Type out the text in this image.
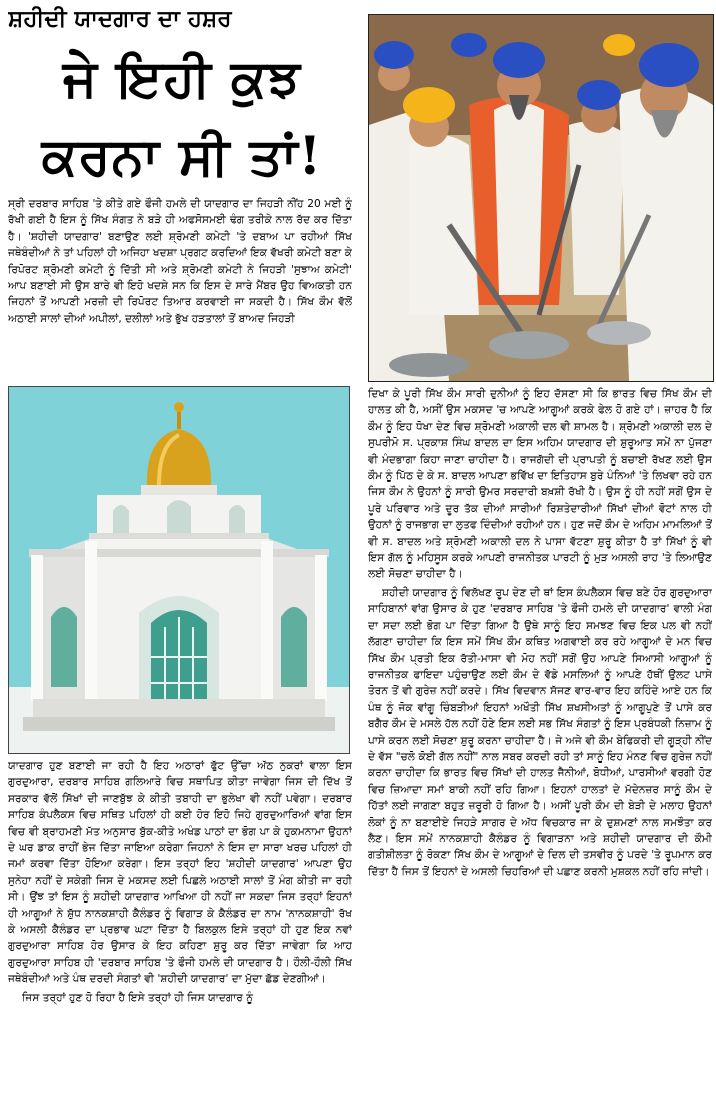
ਸ਼ਹੀਦੀ ਯਾਦਗਾਰ ਦਾ ਹਸ਼ਰ
ਜੇ ਇਹੀ ਕੁਝ
ਕਰਨਾ ਸੀ ਤਾਂ!

ਸ੍ਰੀ ਦਰਬਾਰ ਸਾਹਿਬ 'ਤੇ ਕੀਤੇ ਗਏ ਫੌਜੀ ਹਮਲੇ ਦੀ ਯਾਦਗਾਰ ਦਾ ਜਿਹੜੀ ਨੀਂਹ 20 ਮਈ ਨੂੰ ਰੱਖੀ ਗਈ ਹੈ ਇਸ ਨੂੰ ਸਿੱਖ ਸੰਗਤ ਨੇ ਬੜੇ ਹੀ ਅਫਸੋਸਮਈ ਢੰਗ ਤਰੀਕੇ ਨਾਲ ਰੱਦ ਕਰ ਦਿੱਤਾ ਹੈ। 'ਸ਼ਹੀਦੀ ਯਾਦਗਾਰ' ਬਣਾਉਣ ਲਈ ਸ਼੍ਰੋਮਣੀ ਕਮੇਟੀ 'ਤੇ ਦਬਾਅ ਪਾ ਰਹੀਆਂ ਸਿੱਖ ਜਥੇਬੰਦੀਆਂ ਨੇ ਤਾਂ ਪਹਿਲਾਂ ਹੀ ਅਜਿਹਾ ਖਦਸ਼ਾ ਪ੍ਰਗਟ ਕਰਦਿਆਂ ਇਕ ਵੱਖਰੀ ਕਮੇਟੀ ਬਣਾ ਕੇ ਰਿਪੋਰਟ ਸ਼੍ਰੋਮਣੀ ਕਮੇਟੀ ਨੂੰ ਦਿੱਤੀ ਸੀ ਅਤੇ ਸ਼੍ਰੋਮਣੀ ਕਮੇਟੀ ਨੇ ਜਿਹੜੀ 'ਸੁਝਾਅ ਕਮੇਟੀ' ਆਪ ਬਣਾਈ ਸੀ ਉਸ ਬਾਰੇ ਵੀ ਇਹੋ ਖਦਸ਼ੇ ਸਨ ਕਿ ਇਸ ਦੇ ਸਾਰੇ ਮੈਂਬਰ ਉਹ ਵਿਅਕਤੀ ਹਨ ਜਿਹਨਾਂ ਤੋਂ ਆਪਣੀ ਮਰਜ਼ੀ ਦੀ ਰਿਪੋਰਟ ਤਿਆਰ ਕਰਵਾਈ ਜਾ ਸਕਦੀ ਹੈ। ਸਿੱਖ ਕੌਮ ਵੱਲੋਂ ਅਠਾਈ ਸਾਲਾਂ ਦੀਆਂ ਅਪੀਲਾਂ, ਦਲੀਲਾਂ ਅਤੇ ਭੁੱਖ ਹੜਤਾਲਾਂ ਤੋਂ ਬਾਅਦ ਜਿਹੜੀ

ਯਾਦਗਾਰ ਹੁਣ ਬਣਾਈ ਜਾ ਰਹੀ ਹੈ ਇਹ ਅਠਾਰਾਂ ਫੁੱਟ ਉੱਚਾ ਅੱਠ ਨੁਕਰਾਂ ਵਾਲਾ ਇਸ ਗੁਰਦੁਆਰਾ, ਦਰਬਾਰ ਸਾਹਿਬ ਗਲਿਆਰੇ ਵਿਚ ਸਥਾਪਿਤ ਕੀਤਾ ਜਾਵੇਗਾ ਜਿਸ ਦੀ ਦਿੱਖ ਤੋਂ ਸਰਕਾਰ ਵੱਲੋਂ ਸਿੱਖਾਂ ਦੀ ਜਾਣਬੁੱਝ ਕੇ ਕੀਤੀ ਤਬਾਹੀ ਦਾ ਭੁਲੇਖਾ ਵੀ ਨਹੀਂ ਪਵੇਗਾ। ਦਰਬਾਰ ਸਾਹਿਬ ਕੰਪਲੈਕਸ ਵਿਚ ਸਥਿਤ ਪਹਿਲਾਂ ਹੀ ਕਈ ਹੋਰ ਇਹੋ ਜਿਹੇ ਗੁਰਦੁਆਰਿਆਂ ਵਾਂਗ ਇਸ ਵਿਚ ਵੀ ਬ੍ਰਾਹਮਣੀ ਮੱਤ ਅਨੁਸਾਰ ਬੁੱਕ-ਕੀਤੇ ਅਖੰਡ ਪਾਠਾਂ ਦਾ ਭੋਗ ਪਾ ਕੇ ਹੁਕਮਨਾਮਾ ਉਹਨਾਂ ਦੇ ਘਰ ਡਾਕ ਰਾਹੀਂ ਭੇਜ ਦਿੱਤਾ ਜਾਇਆ ਕਰੇਗਾ ਜਿਹਨਾਂ ਨੇ ਇਸ ਦਾ ਸਾਰਾ ਖਰਚ ਪਹਿਲਾਂ ਹੀ ਜਮਾਂ ਕਰਵਾ ਦਿੱਤਾ ਹੋਇਆ ਕਰੇਗਾ। ਇਸ ਤਰ੍ਹਾਂ ਇਹ 'ਸ਼ਹੀਦੀ ਯਾਦਗਾਰ' ਆਪਣਾ ਉਹ ਸੁਨੇਹਾ ਨਹੀਂ ਦੇ ਸਕੇਗੀ ਜਿਸ ਦੇ ਮਕਸਦ ਲਈ ਪਿਛਲੇ ਅਠਾਈ ਸਾਲਾਂ ਤੋਂ ਮੰਗ ਕੀਤੀ ਜਾ ਰਹੀ ਸੀ। ਉਂਝ ਤਾਂ ਇਸ ਨੂੰ ਸ਼ਹੀਦੀ ਯਾਦਗਾਰ ਆਖਿਆ ਹੀ ਨਹੀਂ ਜਾ ਸਕਦਾ ਜਿਸ ਤਰ੍ਹਾਂ ਇਹਨਾਂ ਹੀ ਆਗੂਆਂ ਨੇ ਸ਼ੁੱਧ ਨਾਨਕਸ਼ਾਹੀ ਕੈਲੰਡਰ ਨੂੰ ਵਿਗਾੜ ਕੇ ਕੈਲੰਡਰ ਦਾ ਨਾਮ 'ਨਾਨਕਸ਼ਾਹੀ' ਰੱਖ ਕੇ ਅਸਲੀ ਕੈਲੰਡਰ ਦਾ ਪ੍ਰਭਾਵ ਘਟਾ ਦਿੱਤਾ ਹੈ ਬਿਲਕੁਲ ਇਸੇ ਤਰ੍ਹਾਂ ਹੀ ਹੁਣ ਇਕ ਨਵਾਂ ਗੁਰਦੁਆਰਾ ਸਾਹਿਬ ਹੋਰ ਉਸਾਰ ਕੇ ਇਹ ਕਹਿਣਾ ਸ਼ੁਰੂ ਕਰ ਦਿੱਤਾ ਜਾਵੇਗਾ ਕਿ ਆਹ ਗੁਰਦੁਆਰਾ ਸਾਹਿਬ ਹੀ 'ਦਰਬਾਰ ਸਾਹਿਬ 'ਤੇ ਫੌਜੀ ਹਮਲੇ ਦੀ ਯਾਦਗਾਰ ਹੈ। ਹੌਲੀ-ਹੌਲੀ ਸਿੱਖ ਜਥੇਬੰਦੀਆਂ ਅਤੇ ਪੰਥ ਦਰਦੀ ਸੰਗਤਾਂ ਵੀ 'ਸ਼ਹੀਦੀ ਯਾਦਗਾਰ' ਦਾ ਮੁੱਦਾ ਛੱਡ ਦੇਣਗੀਆਂ।

ਜਿਸ ਤਰ੍ਹਾਂ ਹੁਣ ਹੋ ਰਿਹਾ ਹੈ ਇਸੇ ਤਰ੍ਹਾਂ ਹੀ ਜਿਸ ਯਾਦਗਾਰ ਨੂੰ

ਦਿਖਾ ਕੇ ਪੂਰੀ ਸਿੱਖ ਕੌਮ ਸਾਰੀ ਦੁਨੀਆਂ ਨੂੰ ਇਹ ਦੱਸਣਾ ਸੀ ਕਿ ਭਾਰਤ ਵਿਚ ਸਿੱਖ ਕੌਮ ਦੀ ਹਾਲਤ ਕੀ ਹੈ, ਅਸੀਂ ਉਸ ਮਕਸਦ 'ਚ ਆਪਣੇ ਆਗੂਆਂ ਕਰਕੇ ਫੇਲ ਹੋ ਗਏ ਹਾਂ। ਜ਼ਾਹਰ ਹੈ ਕਿ ਕੌਮ ਨੂੰ ਇਹ ਧੋਖਾ ਦੇਣ ਵਿਚ ਸ਼੍ਰੋਮਣੀ ਅਕਾਲੀ ਦਲ ਵੀ ਸ਼ਾਮਲ ਹੈ। ਸ਼੍ਰੋਮਣੀ ਅਕਾਲੀ ਦਲ ਦੇ ਸੁਪਰੀਮੋ ਸ. ਪ੍ਰਕਾਸ਼ ਸਿੰਘ ਬਾਦਲ ਦਾ ਇਸ ਅਹਿਮ ਯਾਦਗਾਰ ਦੀ ਸ਼ੁਰੂਆਤ ਸਮੇਂ ਨਾ ਪੁੱਜਣਾ ਵੀ ਮੰਦਭਾਗਾ ਕਿਹਾ ਜਾਣਾ ਚਾਹੀਦਾ ਹੈ। ਰਾਜਗੱਦੀ ਦੀ ਪ੍ਰਾਪਤੀ ਨੂੰ ਬਚਾਈ ਰੱਖਣ ਲਈ ਉਸ ਕੌਮ ਨੂੰ ਪਿੱਠ ਦੇ ਕੇ ਸ. ਬਾਦਲ ਆਪਣਾ ਭਵਿੱਖ ਦਾ ਇਤਿਹਾਸ ਬੁਰੇ ਪੰਨਿਆਂ 'ਤੇ ਲਿਖਵਾ ਰਹੇ ਹਨ ਜਿਸ ਕੌਮ ਨੇ ਉਹਨਾਂ ਨੂੰ ਸਾਰੀ ਉਮਰ ਸਰਦਾਰੀ ਬਖ਼ਸ਼ੀ ਰੱਖੀ ਹੈ। ਉਸ ਨੂੰ ਹੀ ਨਹੀਂ ਸਗੋਂ ਉਸ ਦੇ ਪੂਰੇ ਪਰਿਵਾਰ ਅਤੇ ਦੂਰ ਤੱਕ ਦੀਆਂ ਸਾਰੀਆਂ ਰਿਸ਼ਤੇਦਾਰੀਆਂ ਸਿੱਖਾਂ ਦੀਆਂ ਵੋਟਾਂ ਨਾਲ ਹੀ ਉਹਨਾਂ ਨੂੰ ਰਾਜਭਾਗ ਦਾ ਲੁਤਫ ਦਿੰਦੀਆਂ ਰਹੀਆਂ ਹਨ। ਹੁਣ ਜਦੋਂ ਕੌਮ ਦੇ ਅਹਿਮ ਮਾਮਲਿਆਂ ਤੋਂ ਵੀ ਸ. ਬਾਦਲ ਅਤੇ ਸ਼੍ਰੋਮਣੀ ਅਕਾਲੀ ਦਲ ਨੇ ਪਾਸਾ ਵੱਟਣਾ ਸ਼ੁਰੂ ਕੀਤਾ ਹੈ ਤਾਂ ਸਿੱਖਾਂ ਨੂੰ ਵੀ ਇਸ ਗੱਲ ਨੂੰ ਮਹਿਸੂਸ ਕਰਕੇ ਆਪਣੀ ਰਾਜਨੀਤਕ ਪਾਰਟੀ ਨੂੰ ਮੁੜ ਅਸਲੀ ਰਾਹ 'ਤੇ ਲਿਆਉਣ ਲਈ ਸੋਚਣਾ ਚਾਹੀਦਾ ਹੈ।

ਸ਼ਹੀਦੀ ਯਾਦਗਾਰ ਨੂੰ ਵਿਲੱਖਣ ਰੂਪ ਦੇਣ ਦੀ ਥਾਂ ਇਸ ਕੰਪਲੈਕਸ ਵਿਚ ਬਣੇ ਹੋਰ ਗੁਰਦੁਆਰਾ ਸਾਹਿਬਾਨਾਂ ਵਾਂਗ ਉਸਾਰ ਕੇ ਹੁਣ 'ਦਰਬਾਰ ਸਾਹਿਬ 'ਤੇ ਫੌਜੀ ਹਮਲੇ ਦੀ ਯਾਦਗਾਰ' ਵਾਲੀ ਮੰਗ ਦਾ ਸਦਾ ਲਈ ਭੋਗ ਪਾ ਦਿੱਤਾ ਗਿਆ ਹੈ ਉਥੇ ਸਾਨੂੰ ਇਹ ਸਮਝਣ ਵਿਚ ਇਕ ਪਲ ਵੀ ਨਹੀਂ ਲੱਗਣਾ ਚਾਹੀਦਾ ਕਿ ਇਸ ਸਮੇਂ ਸਿੱਖ ਕੌਮ ਕਥਿਤ ਅਗਵਾਈ ਕਰ ਰਹੇ ਆਗੂਆਂ ਦੇ ਮਨ ਵਿਚ ਸਿੱਖ ਕੌਮ ਪ੍ਰਤੀ ਇਕ ਰੱਤੀ-ਮਾਸਾ ਵੀ ਮੋਹ ਨਹੀਂ ਸਗੋਂ ਉਹ ਆਪਣੇ ਸਿਆਸੀ ਆਗੂਆਂ ਨੂੰ ਰਾਜਨੀਤਕ ਫਾਇਦਾ ਪਹੁੰਚਾਉਣ ਲਈ ਕੌਮ ਦੇ ਵੱਡੇ ਮਸਲਿਆਂ ਨੂੰ ਆਪਣੇ ਹੱਥੀਂ ਉਲਟ ਪਾਸੇ ਤੋਰਨ ਤੋਂ ਵੀ ਗੁਰੇਜ਼ ਨਹੀਂ ਕਰਦੇ। ਸਿੱਖ ਵਿਦਵਾਨ ਸੱਜਣ ਵਾਰ-ਵਾਰ ਇਹ ਕਹਿੰਦੇ ਆਏ ਹਨ ਕਿ ਪੰਥ ਨੂੰ ਜੋਕ ਵਾਂਗੂ ਚਿੰਬੜੀਆਂ ਇਹਨਾਂ ਅਖੌਤੀ ਸਿੱਖ ਸ਼ਖਸੀਅਤਾਂ ਨੂੰ ਆਗੂਪੁਣੇ ਤੋਂ ਪਾਸੇ ਕਰ ਬਗੈਰ ਕੌਮ ਦੇ ਮਸਲੇ ਹੱਲ ਨਹੀਂ ਹੋਣੇ ਇਸ ਲਈ ਸਭ ਸਿੱਖ ਸੰਗਤਾਂ ਨੂੰ ਇਸ ਪ੍ਰਬੰਧਕੀ ਨਿਜ਼ਾਮ ਨੂੰ ਪਾਸੇ ਕਰਨ ਲਈ ਸੋਚਣਾ ਸ਼ੁਰੂ ਕਰਨਾ ਚਾਹੀਦਾ ਹੈ। ਜੇ ਅਜੇ ਵੀ ਕੌਮ ਬੇਫਿਕਰੀ ਦੀ ਗੂੜ੍ਹੀ ਨੀਂਦ ਦੇ ਵੱਸ "ਚਲੋ ਕੋਈ ਗੱਲ ਨਹੀਂ" ਨਾਲ ਸਬਰ ਕਰਦੀ ਰਹੀ ਤਾਂ ਸਾਨੂੰ ਇਹ ਮੰਨਣ ਵਿਚ ਗੁਰੇਜ਼ ਨਹੀਂ ਕਰਨਾ ਚਾਹੀਦਾ ਕਿ ਭਾਰਤ ਵਿਚ ਸਿੱਖਾਂ ਦੀ ਹਾਲਤ ਜੈਨੀਆਂ, ਬੋਧੀਆਂ, ਪਾਰਸੀਆਂ ਵਰਗੀ ਹੋਣ ਵਿਚ ਜ਼ਿਆਦਾ ਸਮਾਂ ਬਾਕੀ ਨਹੀਂ ਰਹਿ ਗਿਆ। ਇਹਨਾਂ ਹਾਲਤਾਂ ਦੇ ਮੱਦੇਨਜ਼ਰ ਸਾਨੂੰ ਕੌਮ ਦੇ ਹਿੱਤਾਂ ਲਈ ਜਾਗਣਾ ਬਹੁਤ ਜ਼ਰੂਰੀ ਹੋ ਗਿਆ ਹੈ। ਅਸੀਂ ਪੂਰੀ ਕੌਮ ਦੀ ਬੇੜੀ ਦੇ ਮਲਾਹ ਉਹਨਾਂ ਲੋਕਾਂ ਨੂੰ ਨਾ ਬਣਾਈਏ ਜਿਹੜੇ ਸਾਗਰ ਦੇ ਅੱਧ ਵਿਚਕਾਰ ਜਾ ਕੇ ਦੁਸ਼ਮਣਾਂ ਨਾਲ ਸਮਝੌਤਾ ਕਰ ਲੈਣ। ਇਸ ਸਮੇਂ ਨਾਨਕਸ਼ਾਹੀ ਕੈਲੰਡਰ ਨੂੰ ਵਿਗਾੜਨਾ ਅਤੇ ਸ਼ਹੀਦੀ ਯਾਦਗਾਰ ਦੀ ਕੌਮੀ ਗਤੀਸ਼ੀਲਤਾ ਨੂੰ ਰੋਕਣਾ ਸਿੱਖ ਕੌਮ ਦੇ ਆਗੂਆਂ ਦੇ ਦਿਲ ਦੀ ਤਸਵੀਰ ਨੂੰ ਪਰਦੇ 'ਤੇ ਰੂਪਮਾਨ ਕਰ ਦਿੱਤਾ ਹੈ ਜਿਸ ਤੋਂ ਇਹਨਾਂ ਦੇ ਅਸਲੀ ਚਿਹਰਿਆਂ ਦੀ ਪਛਾਣ ਕਰਨੀ ਮੁਸ਼ਕਲ ਨਹੀਂ ਰਹਿ ਜਾਂਦੀ।
